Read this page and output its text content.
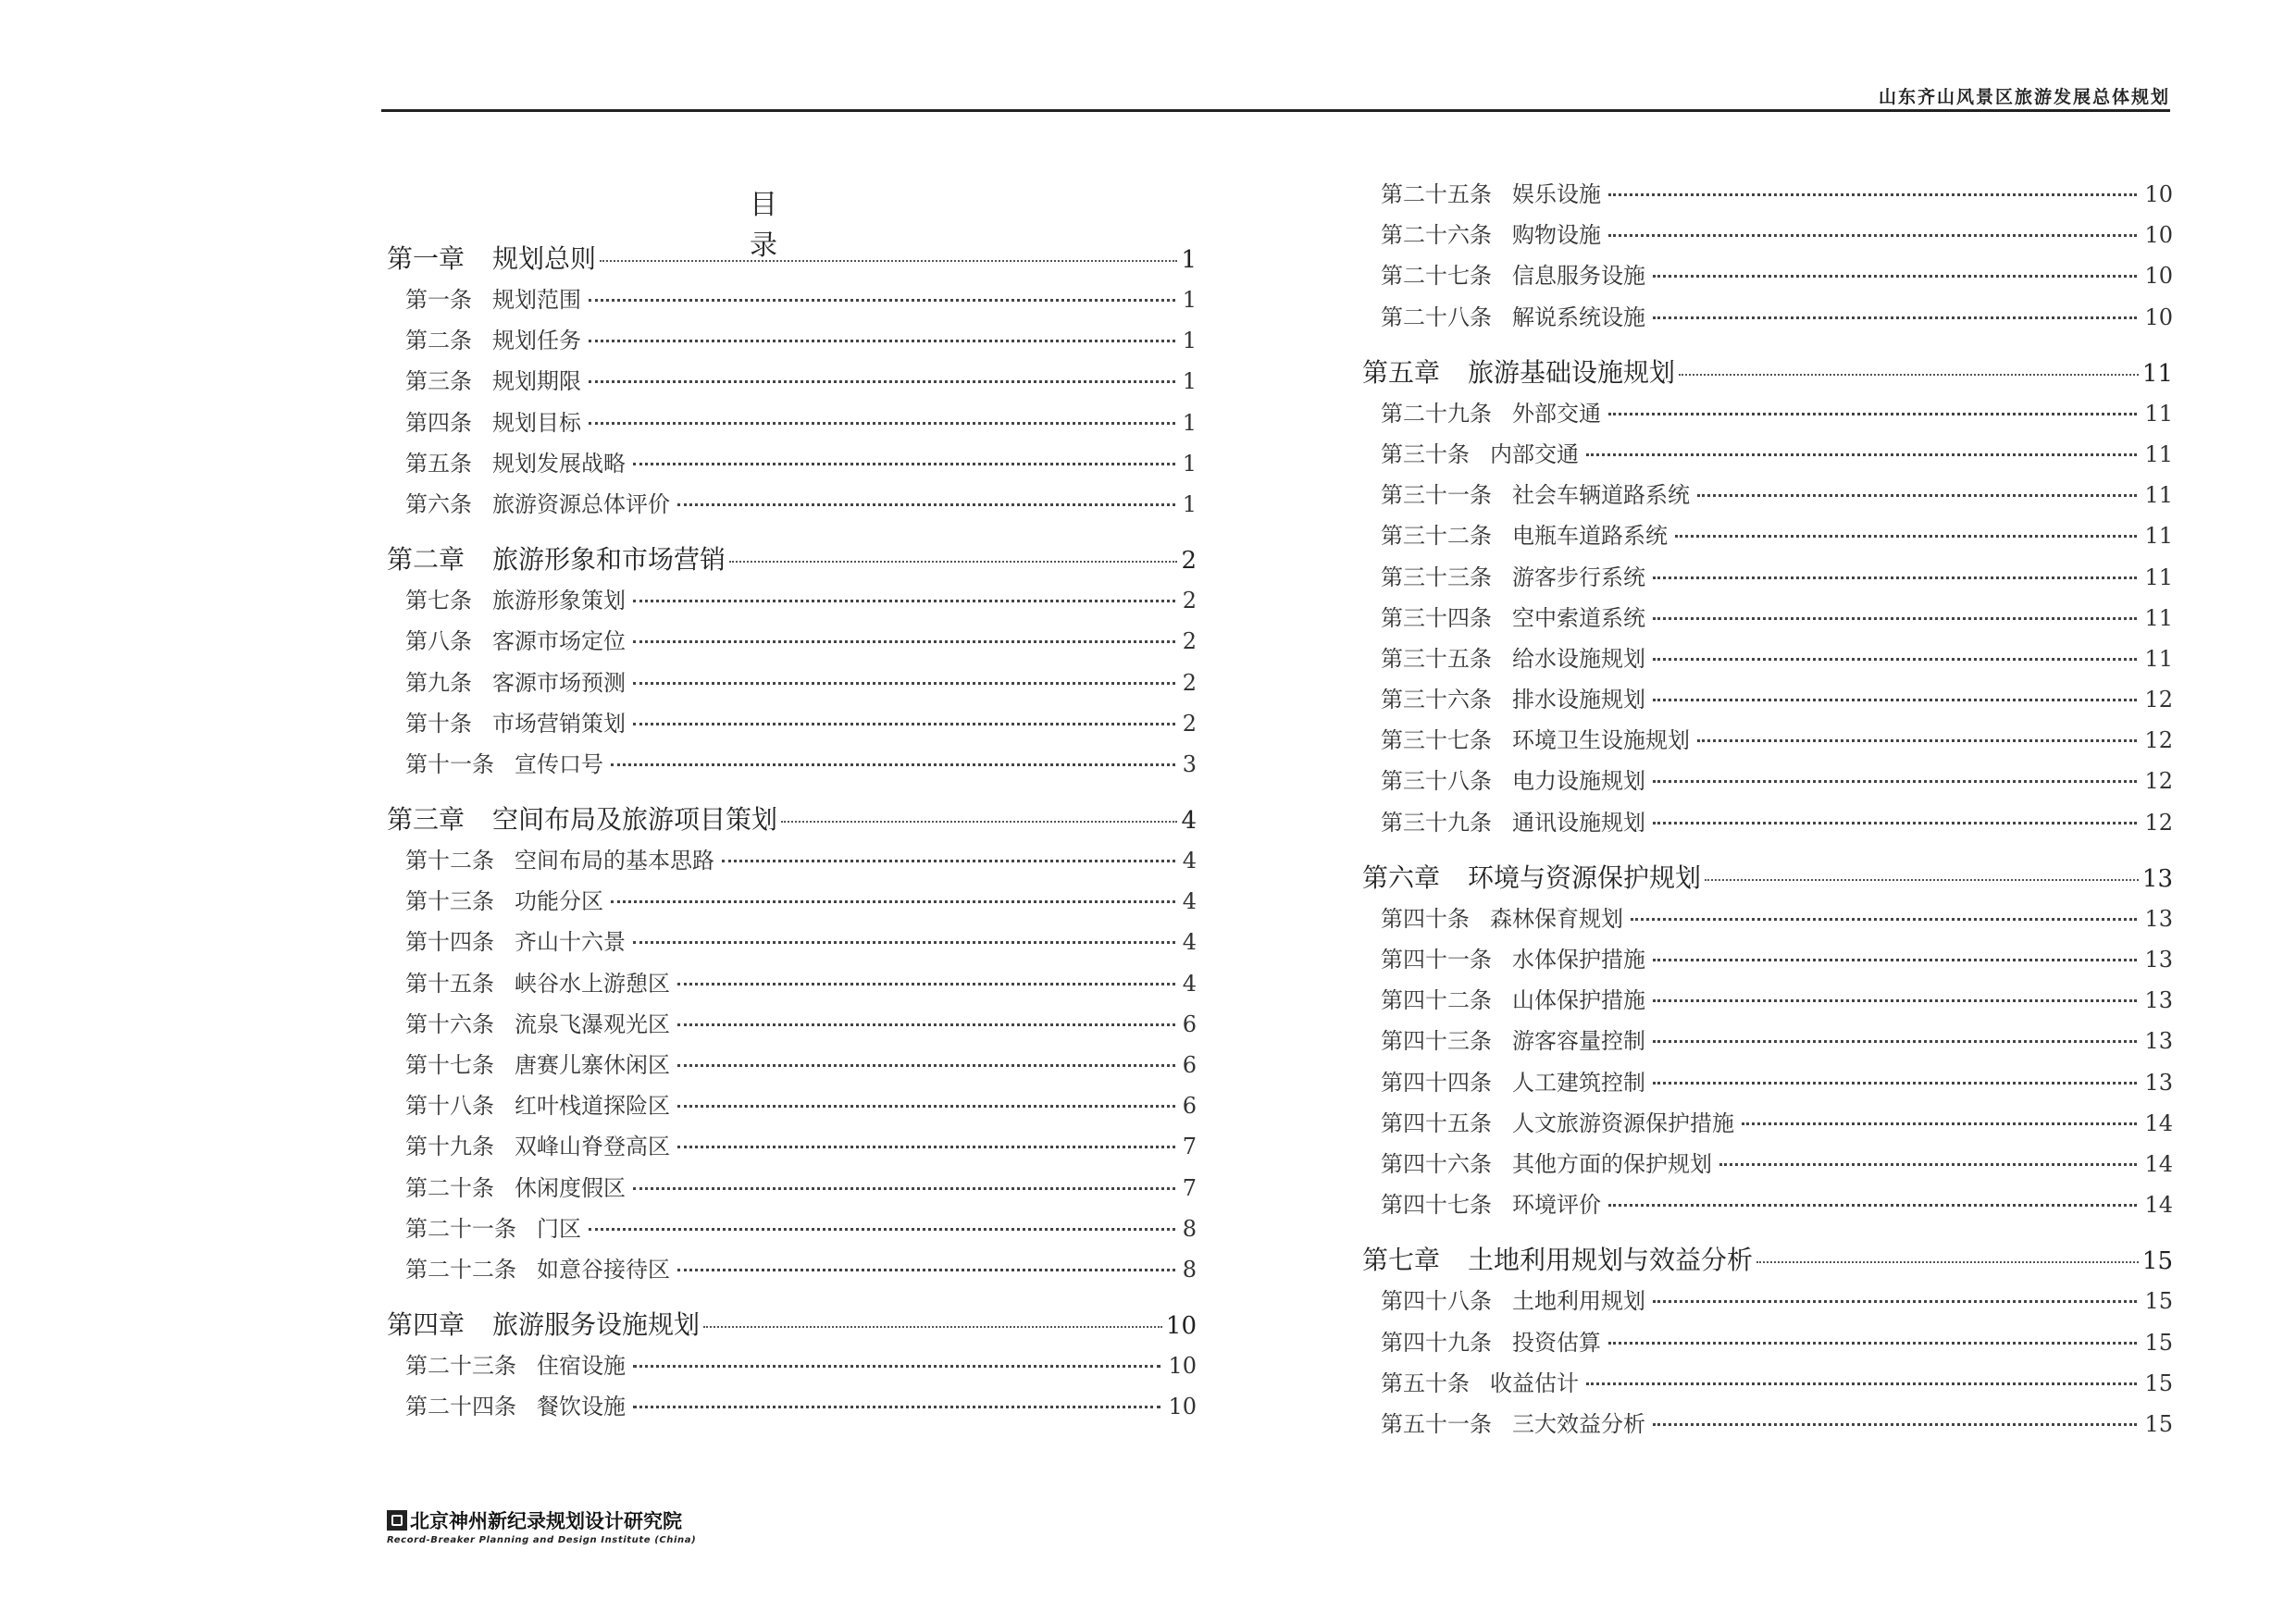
山东齐山风景区旅游发展总体规划
目 录
第一章 规划总则	1
第一条 规划范围	1
第二条 规划任务	1
第三条 规划期限	1
第四条 规划目标	1
第五条 规划发展战略	1
第六条 旅游资源总体评价	1
第二章 旅游形象和市场营销	2
第七条 旅游形象策划	2
第八条 客源市场定位	2
第九条 客源市场预测	2
第十条 市场营销策划	2
第十一条 宣传口号	3
第三章 空间布局及旅游项目策划	4
第十二条 空间布局的基本思路	4
第十三条 功能分区	4
第十四条 齐山十六景	4
第十五条 峡谷水上游憩区	4
第十六条 流泉飞瀑观光区	6
第十七条 唐赛儿寨休闲区	6
第十八条 红叶栈道探险区	6
第十九条 双峰山脊登高区	7
第二十条 休闲度假区	7
第二十一条 门区	8
第二十二条 如意谷接待区	8
第四章 旅游服务设施规划	10
第二十三条 住宿设施	10
第二十四条 餐饮设施	10
第二十五条 娱乐设施	10
第二十六条 购物设施	10
第二十七条 信息服务设施	10
第二十八条 解说系统设施	10
第五章 旅游基础设施规划	11
第二十九条 外部交通	11
第三十条 内部交通	11
第三十一条 社会车辆道路系统	11
第三十二条 电瓶车道路系统	11
第三十三条 游客步行系统	11
第三十四条 空中索道系统	11
第三十五条 给水设施规划	11
第三十六条 排水设施规划	12
第三十七条 环境卫生设施规划	12
第三十八条 电力设施规划	12
第三十九条 通讯设施规划	12
第六章 环境与资源保护规划	13
第四十条 森林保育规划	13
第四十一条 水体保护措施	13
第四十二条 山体保护措施	13
第四十三条 游客容量控制	13
第四十四条 人工建筑控制	13
第四十五条 人文旅游资源保护措施	14
第四十六条 其他方面的保护规划	14
第四十七条 环境评价	14
第七章 土地利用规划与效益分析	15
第四十八条 土地利用规划	15
第四十九条 投资估算	15
第五十条 收益估计	15
第五十一条 三大效益分析	15
北京神州新纪录规划设计研究院
Record-Breaker Planning and Design Institute (China)
